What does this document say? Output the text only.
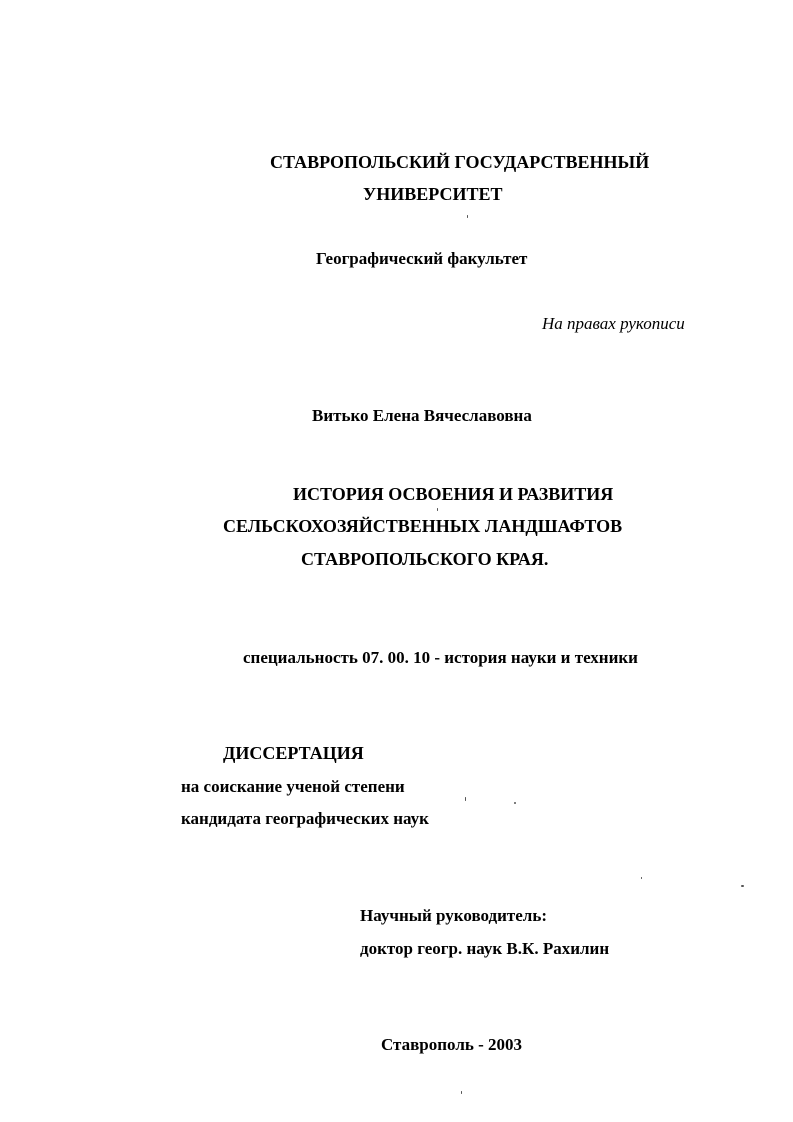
СТАВРОПОЛЬСКИЙ ГОСУДАРСТВЕННЫЙ
УНИВЕРСИТЕТ
Географический факультет
На правах рукописи
Витько Елена Вячеславовна
ИСТОРИЯ ОСВОЕНИЯ И РАЗВИТИЯ
СЕЛЬСКОХОЗЯЙСТВЕННЫХ ЛАНДШАФТОВ
СТАВРОПОЛЬСКОГО КРАЯ.
специальность 07. 00. 10 - история науки и техники
ДИССЕРТАЦИЯ
на соискание ученой степени
кандидата географических наук
Научный руководитель:
доктор геогр. наук В.К. Рахилин
Ставрополь - 2003
